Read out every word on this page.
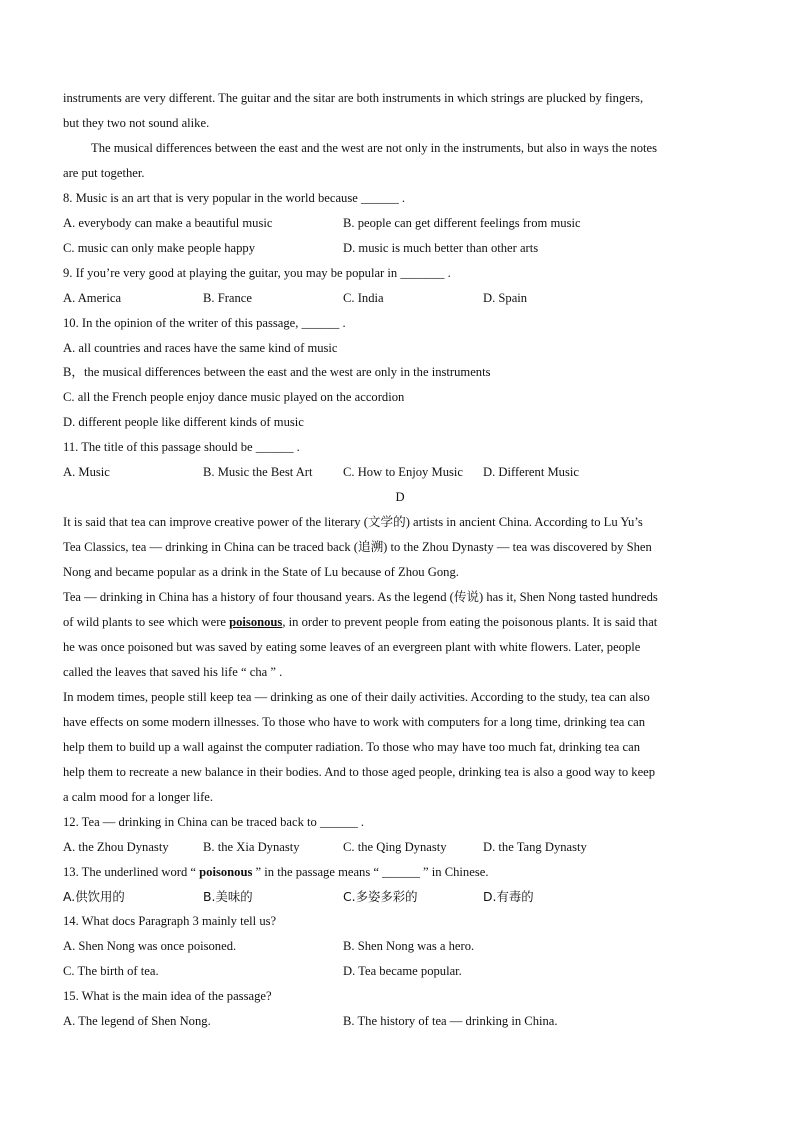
instruments are very different. The guitar and the sitar are both instruments in which strings are plucked by fingers,
but they two not sound alike.
The musical differences between the east and the west are not only in the instruments, but also in ways the notes
are put together.
8. Music is an art that is very popular in the world because ______ .
A. everybody can make a beautiful music	B. people can get different feelings from music
C. music can only make people happy	D. music is much better than other arts
9. If you’re very good at playing the guitar, you may be popular in _______ .
A. America	B. France	C. India	D. Spain
10. In the opinion of the writer of this passage, ______ .
A. all countries and races have the same kind of music
B，the musical differences between the east and the west are only in the instruments
C. all the French people enjoy dance music played on the accordion
D. different people like different kinds of music
11. The title of this passage should be ______ .
A. Music	B. Music the Best Art	C. How to Enjoy Music	D. Different Music
D
It is said that tea can improve creative power of the literary (文学的) artists in ancient China. According to Lu Yu’s
Tea Classics, tea — drinking in China can be traced back (追溯) to the Zhou Dynasty — tea was discovered by Shen
Nong and became popular as a drink in the State of Lu because of Zhou Gong.
Tea — drinking in China has a history of four thousand years. As the legend (传说) has it, Shen Nong tasted hundreds
of wild plants to see which were poisonous, in order to prevent people from eating the poisonous plants. It is said that
he was once poisoned but was saved by eating some leaves of an evergreen plant with white flowers. Later, people
called the leaves that saved his life “ cha ” .
In modem times, people still keep tea — drinking as one of their daily activities. According to the study, tea can also
have effects on some modern illnesses. To those who have to work with computers for a long time, drinking tea can
help them to build up a wall against the computer radiation. To those who may have too much fat, drinking tea can
help them to recreate a new balance in their bodies. And to those aged people, drinking tea is also a good way to keep
a calm mood for a longer life.
12. Tea — drinking in China can be traced back to ______ .
A. the Zhou Dynasty	B. the Xia Dynasty	C. the Qing Dynasty	D. the Tang Dynasty
13. The underlined word “ poisonous ” in the passage means “ ______ ” in Chinese.
A.供饮用的	B.美味的	C.多姿多彩的	D.有毒的
14. What docs Paragraph 3 mainly tell us?
A. Shen Nong was once poisoned.	B. Shen Nong was a hero.
C. The birth of tea.	D. Tea became popular.
15. What is the main idea of the passage?
A. The legend of Shen Nong.	B. The history of tea — drinking in China.
